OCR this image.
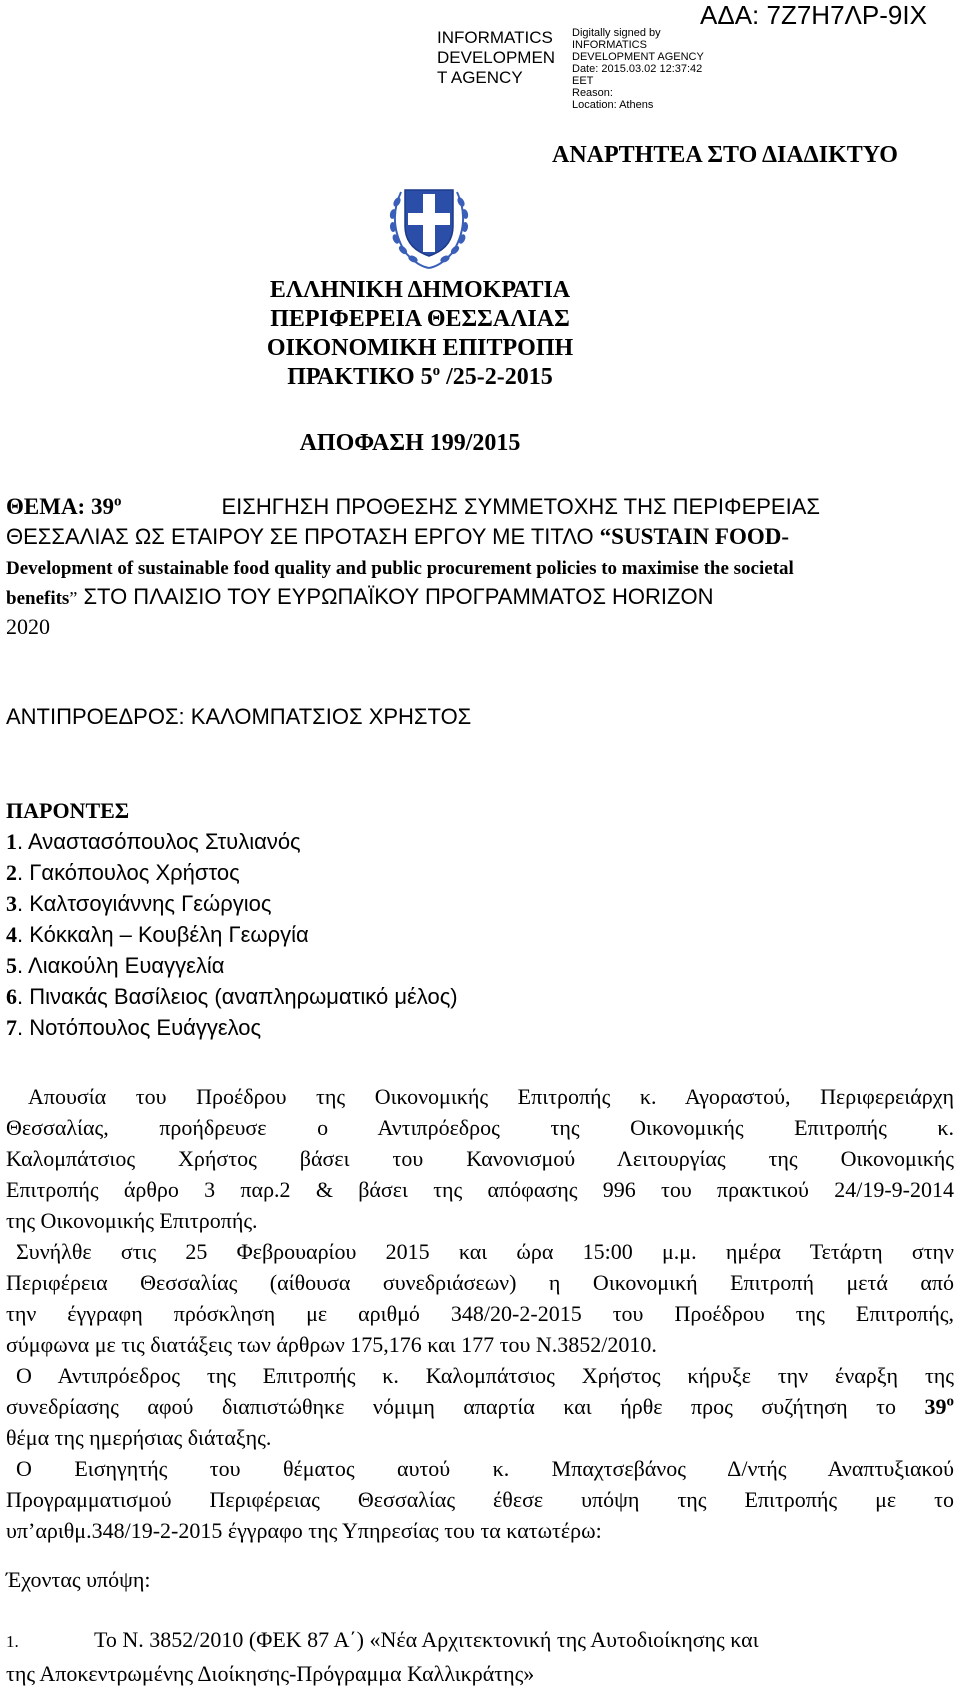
INFORMATICS
DEVELOPMEN
T AGENCY
Digitally signed by
INFORMATICS
DEVELOPMENT AGENCY
Date: 2015.03.02 12:37:42
EET
Reason:
Location: Athens
ΑΔΑ: 7Ζ7Η7ΛΡ-9ΙΧ
ΑΝΑΡΤΗΤΕΑ ΣΤΟ ΔΙΑΔΙΚΤΥΟ
ΕΛΛΗΝΙΚΗ ΔΗΜΟΚΡΑΤΙΑ
ΠΕΡΙΦΕΡΕΙΑ ΘΕΣΣΑΛΙΑΣ
ΟΙΚΟΝΟΜΙΚΗ ΕΠΙΤΡΟΠΗ
ΠΡΑΚΤΙΚΟ $5^o$ /25-2-2015
ΑΠΟΦΑΣΗ 199/2015
ΘΕΜΑ: $39^o$	ΕΙΣΗΓΗΣΗ ΠΡΟΘΕΣΗΣ ΣΥΜΜΕΤΟΧΗΣ ΤΗΣ ΠΕΡΙΦΕΡΕΙΑΣ
ΘΕΣΣΑΛΙΑΣ ΩΣ ΕΤΑΙΡΟΥ ΣΕ ΠΡΟΤΑΣΗ ΕΡΓΟΥ ΜΕ ΤΙΤΛΟ “SUSTAIN FOOD-
Development of sustainable food quality and public procurement policies to maximise the societal
benefits” ΣΤΟ ΠΛΑΙΣΙΟ ΤΟΥ ΕΥΡΩΠΑΪΚΟΥ ΠΡΟΓΡΑΜΜΑΤΟΣ HORIZON
2020
ΑΝΤΙΠΡΟΕΔΡΟΣ: ΚΑΛΟΜΠΑΤΣΙΟΣ ΧΡΗΣΤΟΣ
ΠΑΡΟΝΤΕΣ
1. Αναστασόπουλος Στυλιανός
2. Γακόπουλος Χρήστος
3. Καλτσογιάννης Γεώργιος
4. Κόκκαλη – Κουβέλη Γεωργία
5. Λιακούλη Ευαγγελία
6. Πινακάς Βασίλειος (αναπληρωματικό μέλος)
7. Νοτόπουλος Ευάγγελος

Απουσία του Προέδρου της Οικονομικής Επιτροπής κ. Αγοραστού, Περιφερειάρχη

Θεσσαλίας, προήδρευσε ο Αντιπρόεδρος της Οικονομικής Επιτροπής κ.

Καλομπάτσιος Χρήστος βάσει του Κανονισμού Λειτουργίας της Οικονομικής

Επιτροπής άρθρο 3 παρ.2 & βάσει της απόφασης 996 του πρακτικού 24/19-9-2014

της Οικονομικής Επιτροπής.

Συνήλθε στις 25 Φεβρουαρίου 2015 και ώρα 15:00 μ.μ. ημέρα Τετάρτη στην

Περιφέρεια Θεσσαλίας (αίθουσα συνεδριάσεων) η Οικονομική Επιτροπή μετά από

την έγγραφη πρόσκληση με αριθμό 348/20-2-2015 του Προέδρου της Επιτροπής,

σύμφωνα με τις διατάξεις των άρθρων 175,176 και 177 του Ν.3852/2010.

Ο Αντιπρόεδρος της Επιτροπής κ. Καλομπάτσιος Χρήστος κήρυξε την έναρξη της

συνεδρίασης αφού διαπιστώθηκε νόμιμη απαρτία και ήρθε προς συζήτηση το $39^o$

θέμα της ημερήσιας διάταξης.

Ο Εισηγητής του θέματος αυτού κ. Μπαχτσεβάνος Δ/ντής Αναπτυξιακού

Προγραμματισμού Περιφέρειας Θεσσαλίας έθεσε υπόψη της Επιτροπής με το

υπ’αριθμ.348/19-2-2015 έγγραφο της Υπηρεσίας του τα κατωτέρω:

Έχοντας υπόψη:
1.	Το Ν. 3852/2010 (ΦΕΚ 87 Α΄) «Νέα Αρχιτεκτονική της Αυτοδιοίκησης και
της Αποκεντρωμένης Διοίκησης-Πρόγραμμα Καλλικράτης»
